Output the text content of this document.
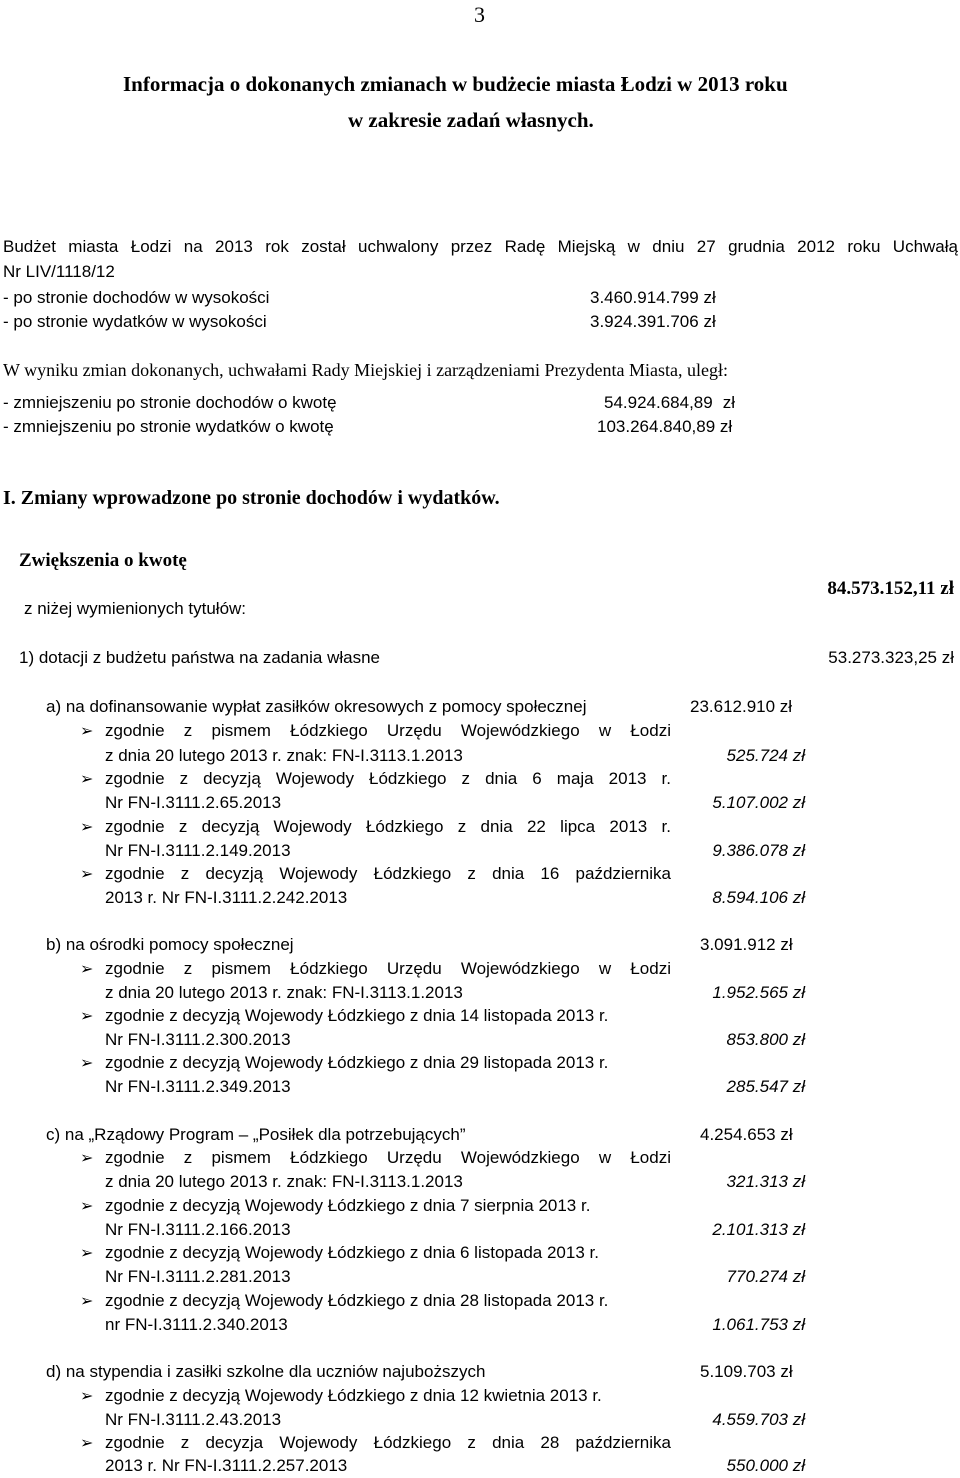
3
Informacja o dokonanych zmianach w budżecie miasta Łodzi w 2013 roku
w zakresie zadań własnych.
Budżet miasta Łodzi na 2013 rok został uchwalony przez Radę Miejską w dniu 27 grudnia 2012 roku Uchwałą
Nr LIV/1118/12
- po stronie dochodów w wysokości	3.460.914.799 zł
- po stronie wydatków w wysokości	3.924.391.706 zł
W wyniku zmian dokonanych, uchwałami Rady Miejskiej i zarządzeniami Prezydenta Miasta, uległ:
- zmniejszeniu po stronie dochodów o kwotę	54.924.684,89 zł
- zmniejszeniu po stronie wydatków o kwotę	103.264.840,89 zł
I. Zmiany wprowadzone po stronie dochodów i wydatków.
Zwiększenia o kwotę
84.573.152,11 zł
z niżej wymienionych tytułów:
1) dotacji z budżetu państwa na zadania własne	53.273.323,25 zł
a) na dofinansowanie wypłat zasiłków okresowych z pomocy społecznej	23.612.910 zł
➢ zgodnie z pismem Łódzkiego Urzędu Wojewódzkiego w Łodzi
z dnia 20 lutego 2013 r. znak: FN-I.3113.1.2013	525.724 zł
➢ zgodnie z decyzją Wojewody Łódzkiego z dnia 6 maja 2013 r.
Nr FN-I.3111.2.65.2013	5.107.002 zł
➢ zgodnie z decyzją Wojewody Łódzkiego z dnia 22 lipca 2013 r.
Nr FN-I.3111.2.149.2013	9.386.078 zł
➢ zgodnie z decyzją Wojewody Łódzkiego z dnia 16 października
2013 r. Nr FN-I.3111.2.242.2013	8.594.106 zł
b) na ośrodki pomocy społecznej	3.091.912 zł
➢ zgodnie z pismem Łódzkiego Urzędu Wojewódzkiego w Łodzi
z dnia 20 lutego 2013 r. znak: FN-I.3113.1.2013	1.952.565 zł
➢ zgodnie z decyzją Wojewody Łódzkiego z dnia 14 listopada 2013 r.
Nr FN-I.3111.2.300.2013	853.800 zł
➢ zgodnie z decyzją Wojewody Łódzkiego z dnia 29 listopada 2013 r.
Nr FN-I.3111.2.349.2013	285.547 zł
c) na „Rządowy Program – „Posiłek dla potrzebujących”	4.254.653 zł
➢ zgodnie z pismem Łódzkiego Urzędu Wojewódzkiego w Łodzi
z dnia 20 lutego 2013 r. znak: FN-I.3113.1.2013	321.313 zł
➢ zgodnie z decyzją Wojewody Łódzkiego z dnia 7 sierpnia 2013 r.
Nr FN-I.3111.2.166.2013	2.101.313 zł
➢ zgodnie z decyzją Wojewody Łódzkiego z dnia 6 listopada 2013 r.
Nr FN-I.3111.2.281.2013	770.274 zł
➢ zgodnie z decyzją Wojewody Łódzkiego z dnia 28 listopada 2013 r.
nr FN-I.3111.2.340.2013	1.061.753 zł
d) na stypendia i zasiłki szkolne dla uczniów najuboższych	5.109.703 zł
➢ zgodnie z decyzją Wojewody Łódzkiego z dnia 12 kwietnia 2013 r.
Nr FN-I.3111.2.43.2013	4.559.703 zł
➢ zgodnie z decyzja Wojewody Łódzkiego z dnia 28 października
2013 r. Nr FN-I.3111.2.257.2013	550.000 zł
